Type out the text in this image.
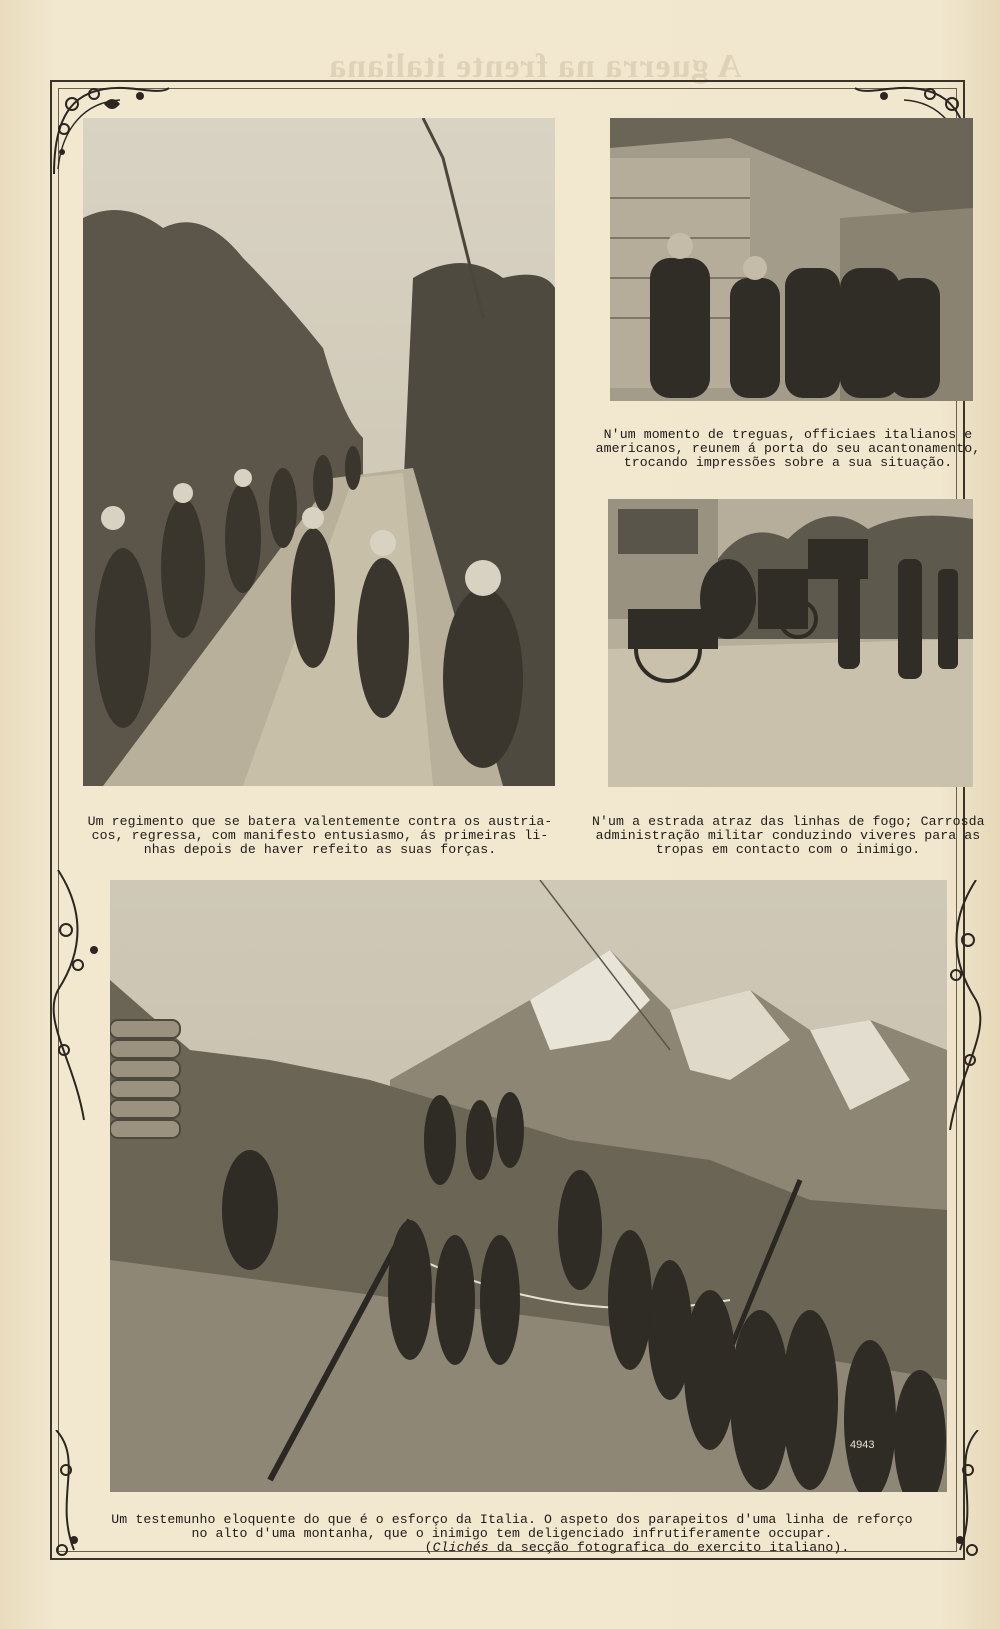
A guerra na frente italiana
N'um momento de treguas, officiaes italianos e
americanos, reunem á porta do seu acantonamento,
trocando impressões sobre a sua situação.
Um regimento que se batera valentemente contra os austria-
cos, regressa, com manifesto entusiasmo, ás primeiras li-
nhas depois de haver refeito as suas forças.
N'um a estrada atraz das linhas de fogo; Carrosda
administração militar conduzindo viveres para as
tropas em contacto com o inimigo.
4943
Um testemunho eloquente do que é o esforço da Italia. O aspeto dos parapeitos d'uma linha de reforço
no alto d'uma montanha, que o inimigo tem deligenciado infrutiferamente occupar.
(Clichés da secção fotografica do exercito italiano).
